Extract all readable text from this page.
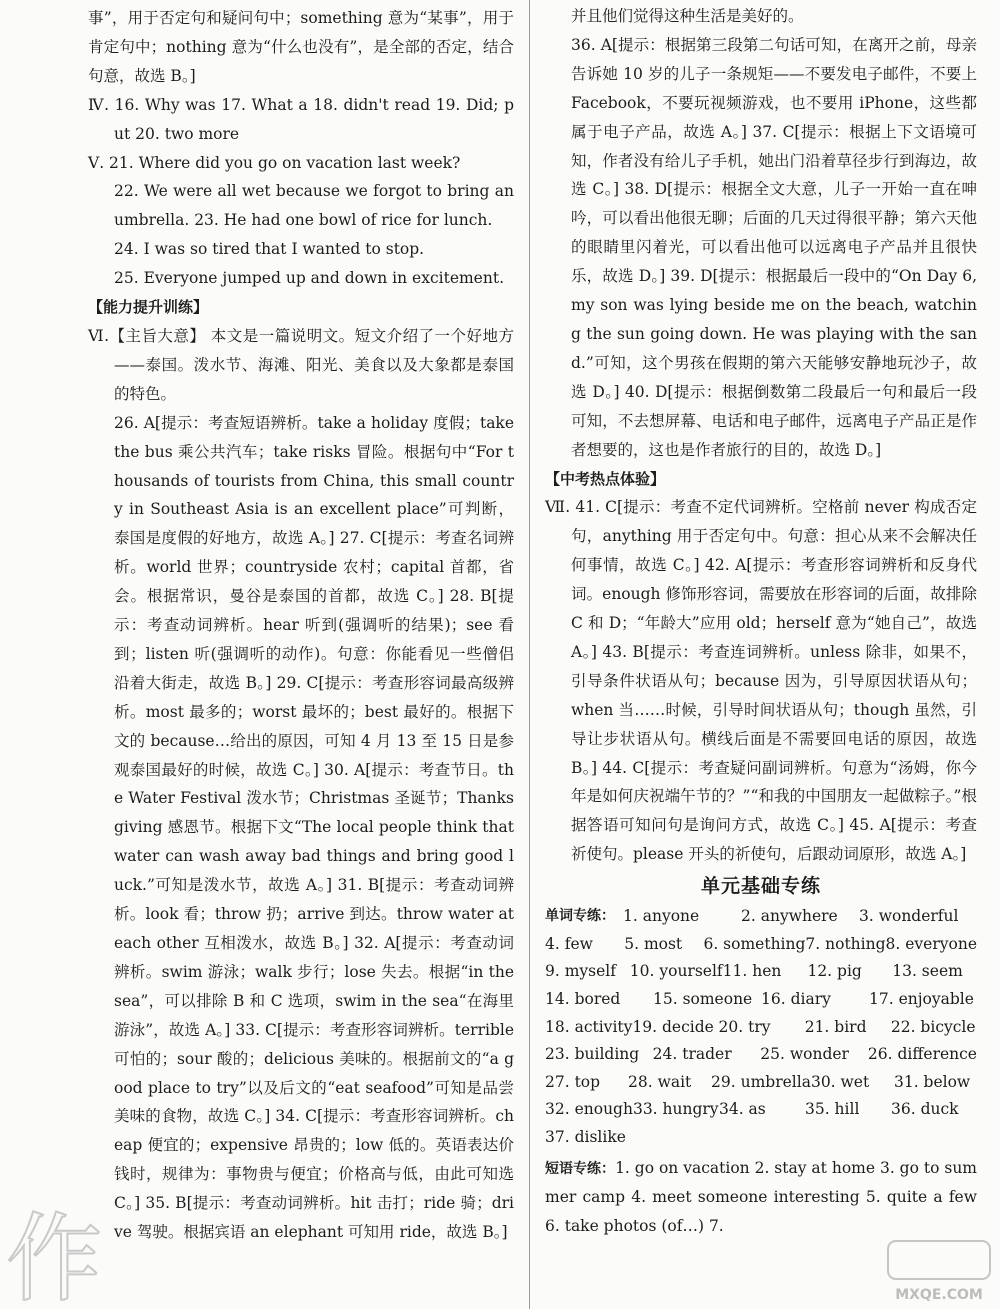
事”，用于否定句和疑问句中；something 意为“某事”，用于肯定句中；nothing 意为“什么也没有”，是全部的否定，结合句意，故选 B。]

Ⅳ. 16. Why was 17. What a 18. didn't read 19. Did; put 20. two more

Ⅴ. 21. Where did you go on vacation last week?

22. We were all wet because we forgot to bring an umbrella. 23. He had one bowl of rice for lunch.

24. I was so tired that I wanted to stop.

25. Everyone jumped up and down in excitement.

【能力提升训练】

Ⅵ.【主旨大意】 本文是一篇说明文。短文介绍了一个好地方——泰国。泼水节、海滩、阳光、美食以及大象都是泰国的特色。

26. A[提示：考查短语辨析。take a holiday 度假；take the bus 乘公共汽车；take risks 冒险。根据句中“For thousands of tourists from China, this small country in Southeast Asia is an excellent place”可判断，泰国是度假的好地方，故选 A。] 27. C[提示：考查名词辨析。world 世界；countryside 农村；capital 首都，省会。根据常识，曼谷是泰国的首都，故选 C。] 28. B[提示：考查动词辨析。hear 听到(强调听的结果)；see 看到；listen 听(强调听的动作)。句意：你能看见一些僧侣沿着大街走，故选 B。] 29. C[提示：考查形容词最高级辨析。most 最多的；worst 最坏的；best 最好的。根据下文的 because…给出的原因，可知 4 月 13 至 15 日是参观泰国最好的时候，故选 C。] 30. A[提示：考查节日。the Water Festival 泼水节；Christmas 圣诞节；Thanksgiving 感恩节。根据下文“The local people think that water can wash away bad things and bring good luck.”可知是泼水节，故选 A。] 31. B[提示：考查动词辨析。look 看；throw 扔；arrive 到达。throw water at each other 互相泼水，故选 B。] 32. A[提示：考查动词辨析。swim 游泳；walk 步行；lose 失去。根据“in the sea”，可以排除 B 和 C 选项，swim in the sea“在海里游泳”，故选 A。] 33. C[提示：考查形容词辨析。terrible 可怕的；sour 酸的；delicious 美味的。根据前文的“a good place to try”以及后文的“eat seafood”可知是品尝美味的食物，故选 C。] 34. C[提示：考查形容词辨析。cheap 便宜的；expensive 昂贵的；low 低的。英语表达价钱时，规律为：事物贵与便宜；价格高与低，由此可知选 C。] 35. B[提示：考查动词辨析。hit 击打；ride 骑；drive 驾驶。根据宾语 an elephant 可知用 ride，故选 B。]

并且他们觉得这种生活是美好的。

36. A[提示：根据第三段第二句话可知，在离开之前，母亲告诉她 10 岁的儿子一条规矩——不要发电子邮件，不要上 Facebook，不要玩视频游戏，也不要用 iPhone，这些都属于电子产品，故选 A。] 37. C[提示：根据上下文语境可知，作者没有给儿子手机，她出门沿着草径步行到海边，故选 C。] 38. D[提示：根据全文大意，儿子一开始一直在呻吟，可以看出他很无聊；后面的几天过得很平静；第六天他的眼睛里闪着光，可以看出他可以远离电子产品并且很快乐，故选 D。] 39. D[提示：根据最后一段中的“On Day 6, my son was lying beside me on the beach, watching the sun going down. He was playing with the sand.”可知，这个男孩在假期的第六天能够安静地玩沙子，故选 D。] 40. D[提示：根据倒数第二段最后一句和最后一段可知，不去想屏幕、电话和电子邮件，远离电子产品正是作者想要的，这也是作者旅行的目的，故选 D。]

【中考热点体验】

Ⅶ. 41. C[提示：考查不定代词辨析。空格前 never 构成否定句，anything 用于否定句中。句意：担心从来不会解决任何事情，故选 C。] 42. A[提示：考查形容词辨析和反身代词。enough 修饰形容词，需要放在形容词的后面，故排除 C 和 D；“年龄大”应用 old；herself 意为“她自己”，故选 A。] 43. B[提示：考查连词辨析。unless 除非，如果不，引导条件状语从句；because 因为，引导原因状语从句；when 当……时候，引导时间状语从句；though 虽然，引导让步状语从句。横线后面是不需要回电话的原因，故选 B。] 44. C[提示：考查疑问副词辨析。句意为“汤姆，你今年是如何庆祝端午节的？”“和我的中国朋友一起做粽子。”根据答语可知问句是询问方式，故选 C。] 45. A[提示：考查祈使句。please 开头的祈使句，后跟动词原形，故选 A。]

单元基础专练

单词专练： 1. anyone	2. anywhere	3. wonderful
4. few	5. most	6. something 7. nothing 8. everyone
9. myself 10. yourself 11. hen	12. pig	13. seem
14. bored	15. someone 16. diary	17. enjoyable
18. activity 19. decide 20. try	21. bird	22. bicycle
23. building 24. trader	25. wonder	26. difference
27. top	28. wait	29. umbrella 30. wet	31. below
32. enough 33. hungry 34. as	35. hill	36. duck
37. dislike

短语专练：1. go on vacation 2. stay at home 3. go to summer camp 4. meet someone interesting 5. quite a few 6. take photos (of…) 7.

作	MXQE.COM
